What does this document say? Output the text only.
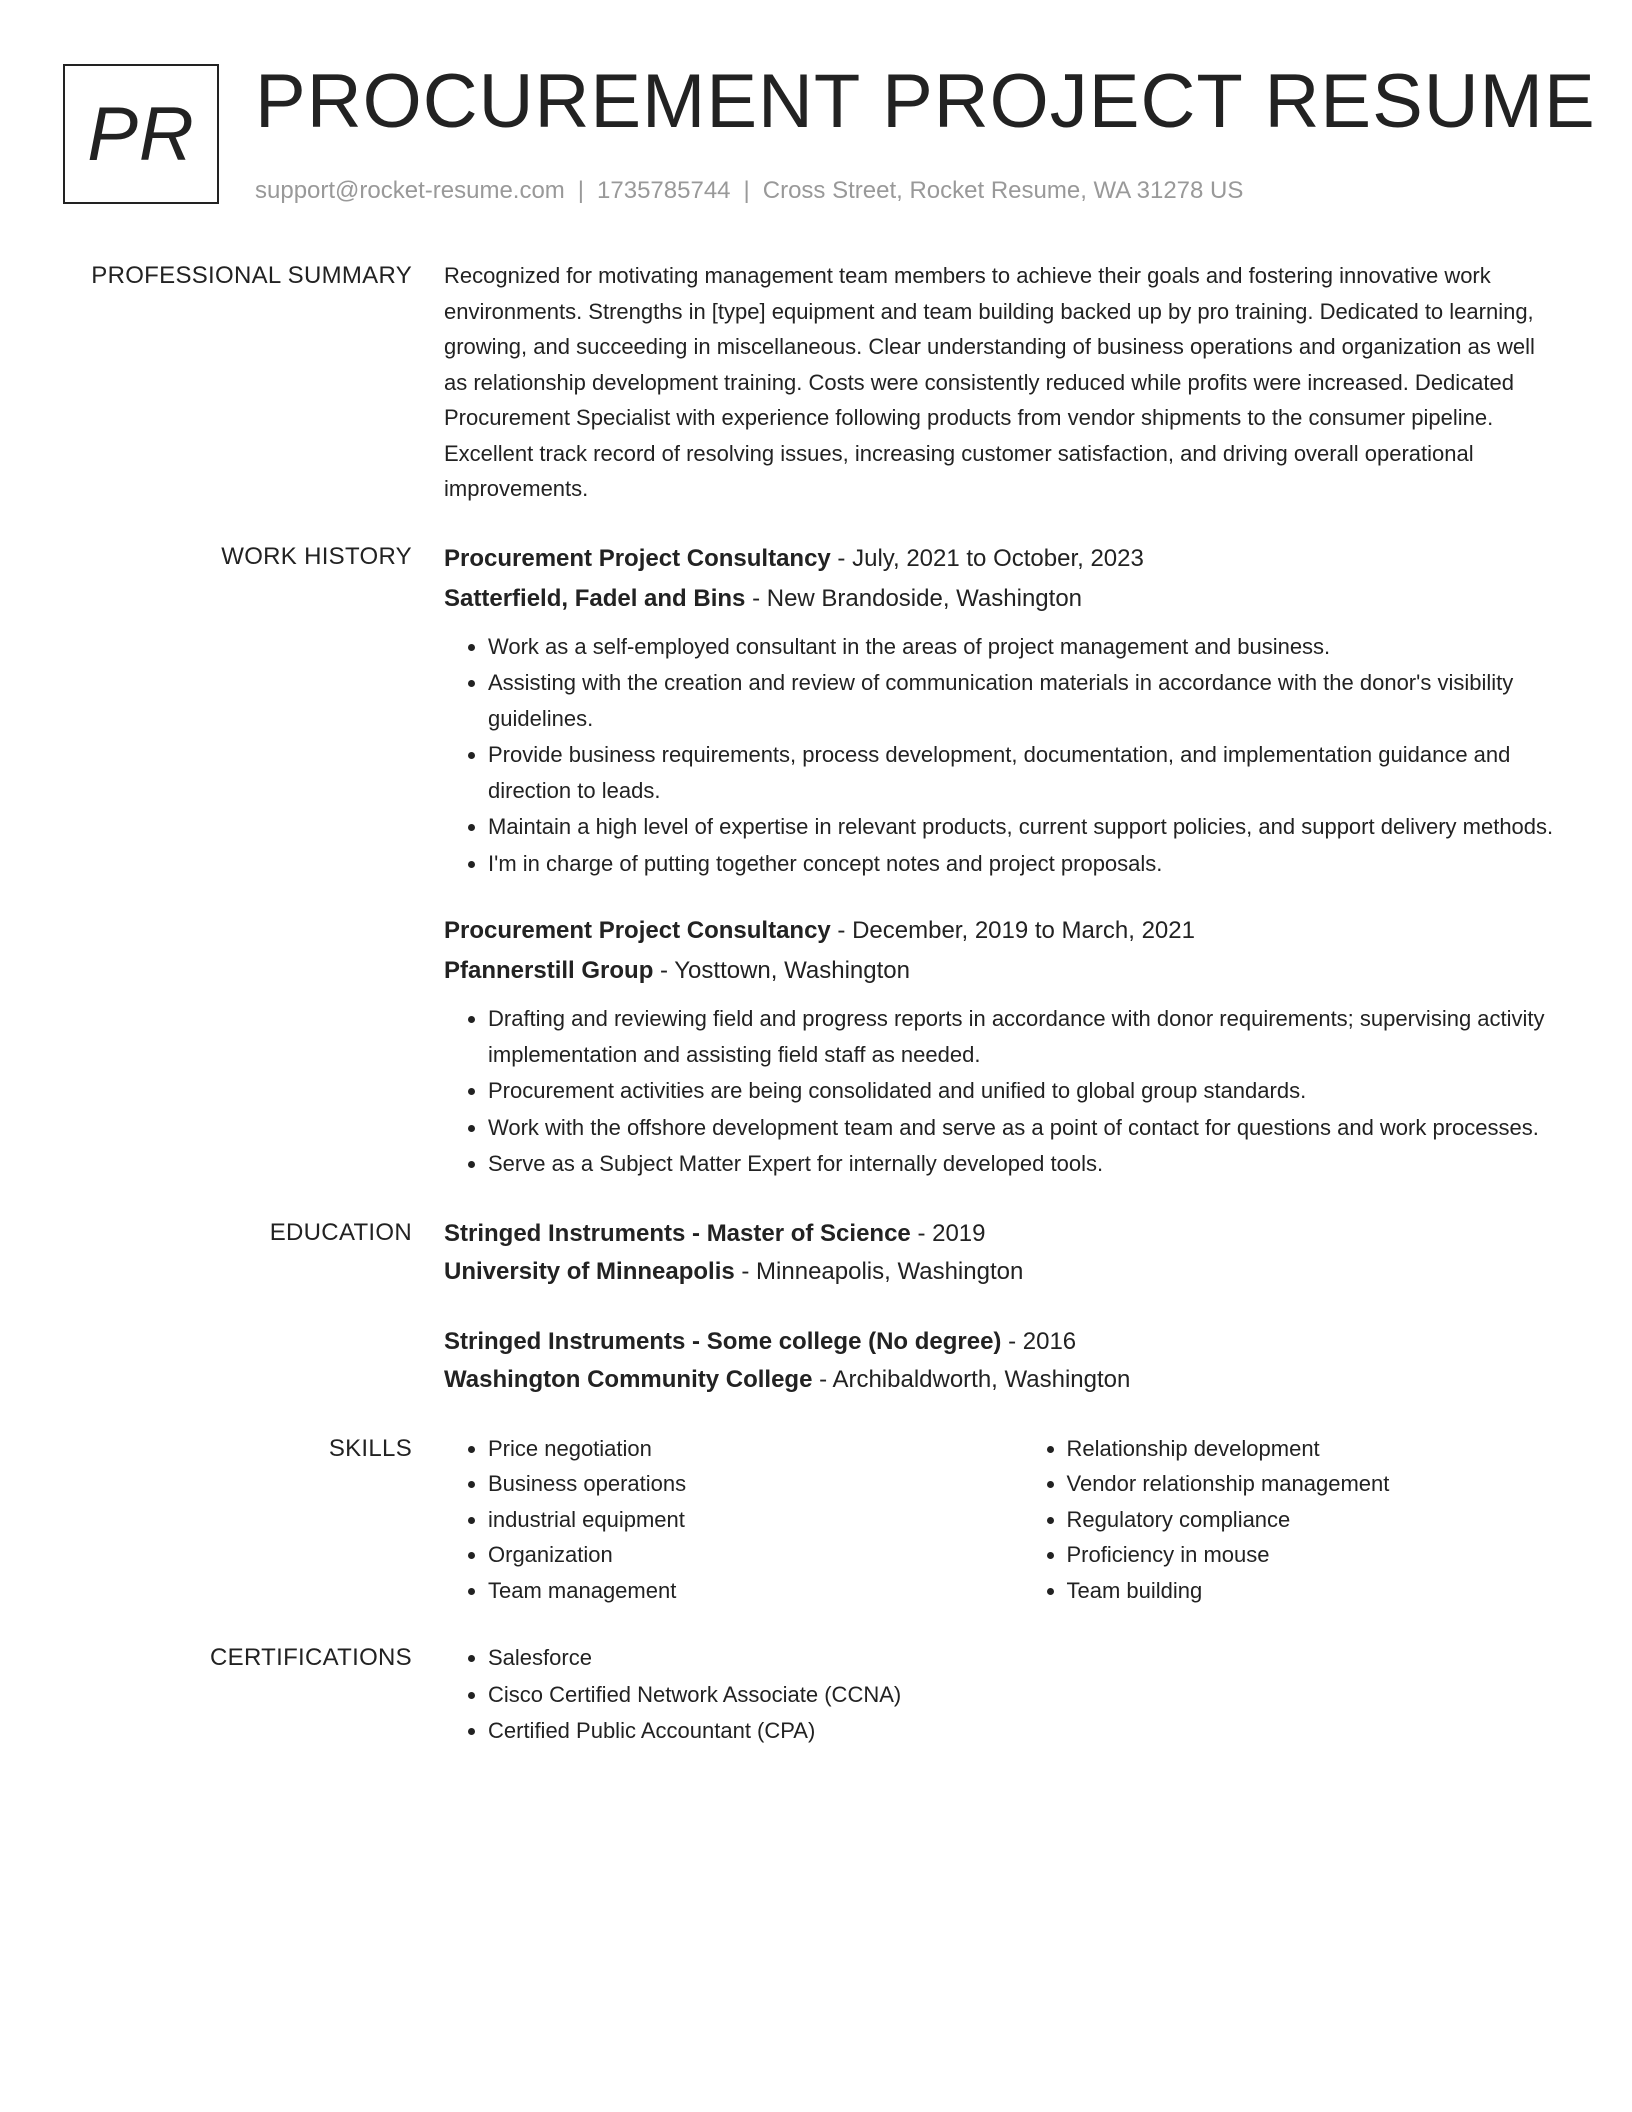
PR PROCUREMENT PROJECT RESUME
support@rocket-resume.com | 1735785744 | Cross Street, Rocket Resume, WA 31278 US
PROFESSIONAL SUMMARY Recognized for motivating management team members to achieve their goals and fostering innovative work environments. Strengths in [type] equipment and team building backed up by pro training. Dedicated to learning, growing, and succeeding in miscellaneous. Clear understanding of business operations and organization as well as relationship development training. Costs were consistently reduced while profits were increased. Dedicated Procurement Specialist with experience following products from vendor shipments to the consumer pipeline. Excellent track record of resolving issues, increasing customer satisfaction, and driving overall operational improvements.

WORK HISTORY Procurement Project Consultancy - July, 2021 to October, 2023
Satterfield, Fadel and Bins - New Brandoside, Washington
• Work as a self-employed consultant in the areas of project management and business.
• Assisting with the creation and review of communication materials in accordance with the donor's visibility guidelines.
• Provide business requirements, process development, documentation, and implementation guidance and direction to leads.
• Maintain a high level of expertise in relevant products, current support policies, and support delivery methods.
• I'm in charge of putting together concept notes and project proposals.
Procurement Project Consultancy - December, 2019 to March, 2021
Pfannerstill Group - Yosttown, Washington
• Drafting and reviewing field and progress reports in accordance with donor requirements; supervising activity implementation and assisting field staff as needed.
• Procurement activities are being consolidated and unified to global group standards.
• Work with the offshore development team and serve as a point of contact for questions and work processes.
• Serve as a Subject Matter Expert for internally developed tools.
EDUCATION Stringed Instruments - Master of Science - 2019
University of Minneapolis - Minneapolis, Washington
Stringed Instruments - Some college (No degree) - 2016
Washington Community College - Archibaldworth, Washington
SKILLS	• Price negotiation
• Business operations
• industrial equipment
• Organization
• Team management
• Relationship development
• Vendor relationship management
• Regulatory compliance
• Proficiency in mouse
• Team building
CERTIFICATIONS	• Salesforce
• Cisco Certified Network Associate (CCNA)
• Certified Public Accountant (CPA)
